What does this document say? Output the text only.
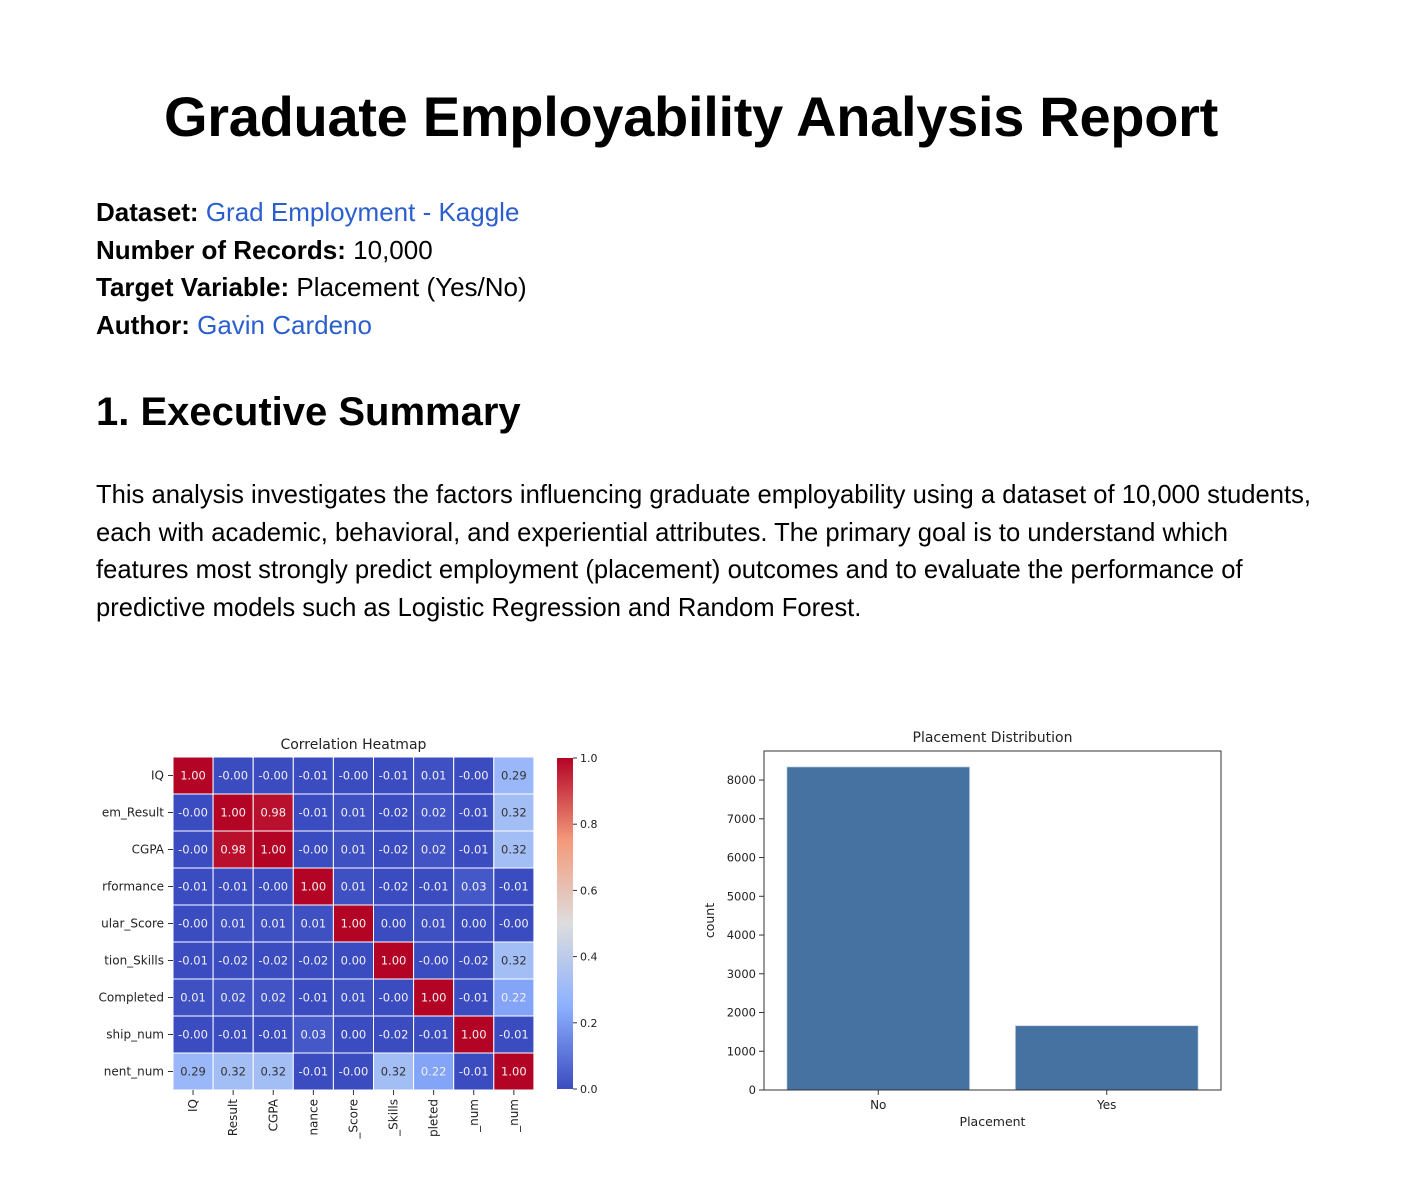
Graduate Employability Analysis Report
Dataset: Grad Employment - Kaggle
Number of Records: 10,000
Target Variable: Placement (Yes/No)
Author: Gavin Cardeno
1. Executive Summary

This analysis investigates the factors influencing graduate employability using a dataset of 10,000 students, each with academic, behavioral, and experiential attributes. The primary goal is to understand which features most strongly predict employment (placement) outcomes and to evaluate the performance of predictive models such as Logistic Regression and Random Forest.

Correlation Heatmap
1.00 -0.00 -0.00 -0.01 -0.00 -0.01 0.01 -0.00 0.29
IQ
-0.00 1.00 0.98 -0.01 0.01 -0.02 0.02 -0.01 0.32
em_Result
-0.00 0.98 1.00 -0.00 0.01 -0.02 0.02 -0.01 0.32
CGPA
-0.01 -0.01 -0.00 1.00 0.01 -0.02 -0.01 0.03 -0.01
rformance
-0.00 0.01 0.01 0.01 1.00 0.00 0.01 0.00 -0.00
ular_Score
-0.01 -0.02 -0.02 -0.02 0.00 1.00 -0.00 -0.02 0.32
tion_Skills
0.01 0.02 0.02 -0.01 0.01 -0.00 1.00 -0.01 0.22
Completed
-0.00 -0.01 -0.01 0.03 0.00 -0.02 -0.01 1.00 -0.01
ship_num
0.29 0.32 0.32 -0.01 -0.00 0.32 0.22 -0.01 1.00
nent_num
IQ Result CGPA nance _Score _Skills pleted _num _num
0.0
0.2
0.4
0.6
0.8
1.0
Placement Distribution
No	Yes
0
1000
2000
3000
4000
5000
6000
7000
8000
Placement
count
